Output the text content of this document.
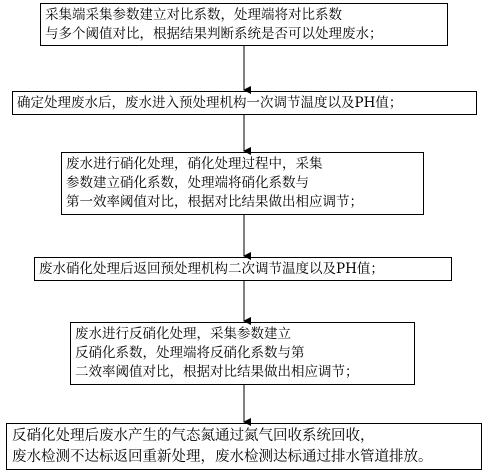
采集端采集参数建立对比系数，处理端将对比系数
与多个阈值对比，根据结果判断系统是否可以处理废水；
确定处理废水后，废水进入预处理机构一次调节温度以及PH值；
废水进行硝化处理，硝化处理过程中，采集
参数建立硝化系数，处理端将硝化系数与
第一效率阈值对比，根据对比结果做出相应调节；
废水硝化处理后返回预处理机构二次调节温度以及PH值；
废水进行反硝化处理，采集参数建立
反硝化系数，处理端将反硝化系数与第
二效率阈值对比，根据对比结果做出相应调节；
反硝化处理后废水产生的气态氮通过氮气回收系统回收，
废水检测不达标返回重新处理，废水检测达标通过排水管道排放。
